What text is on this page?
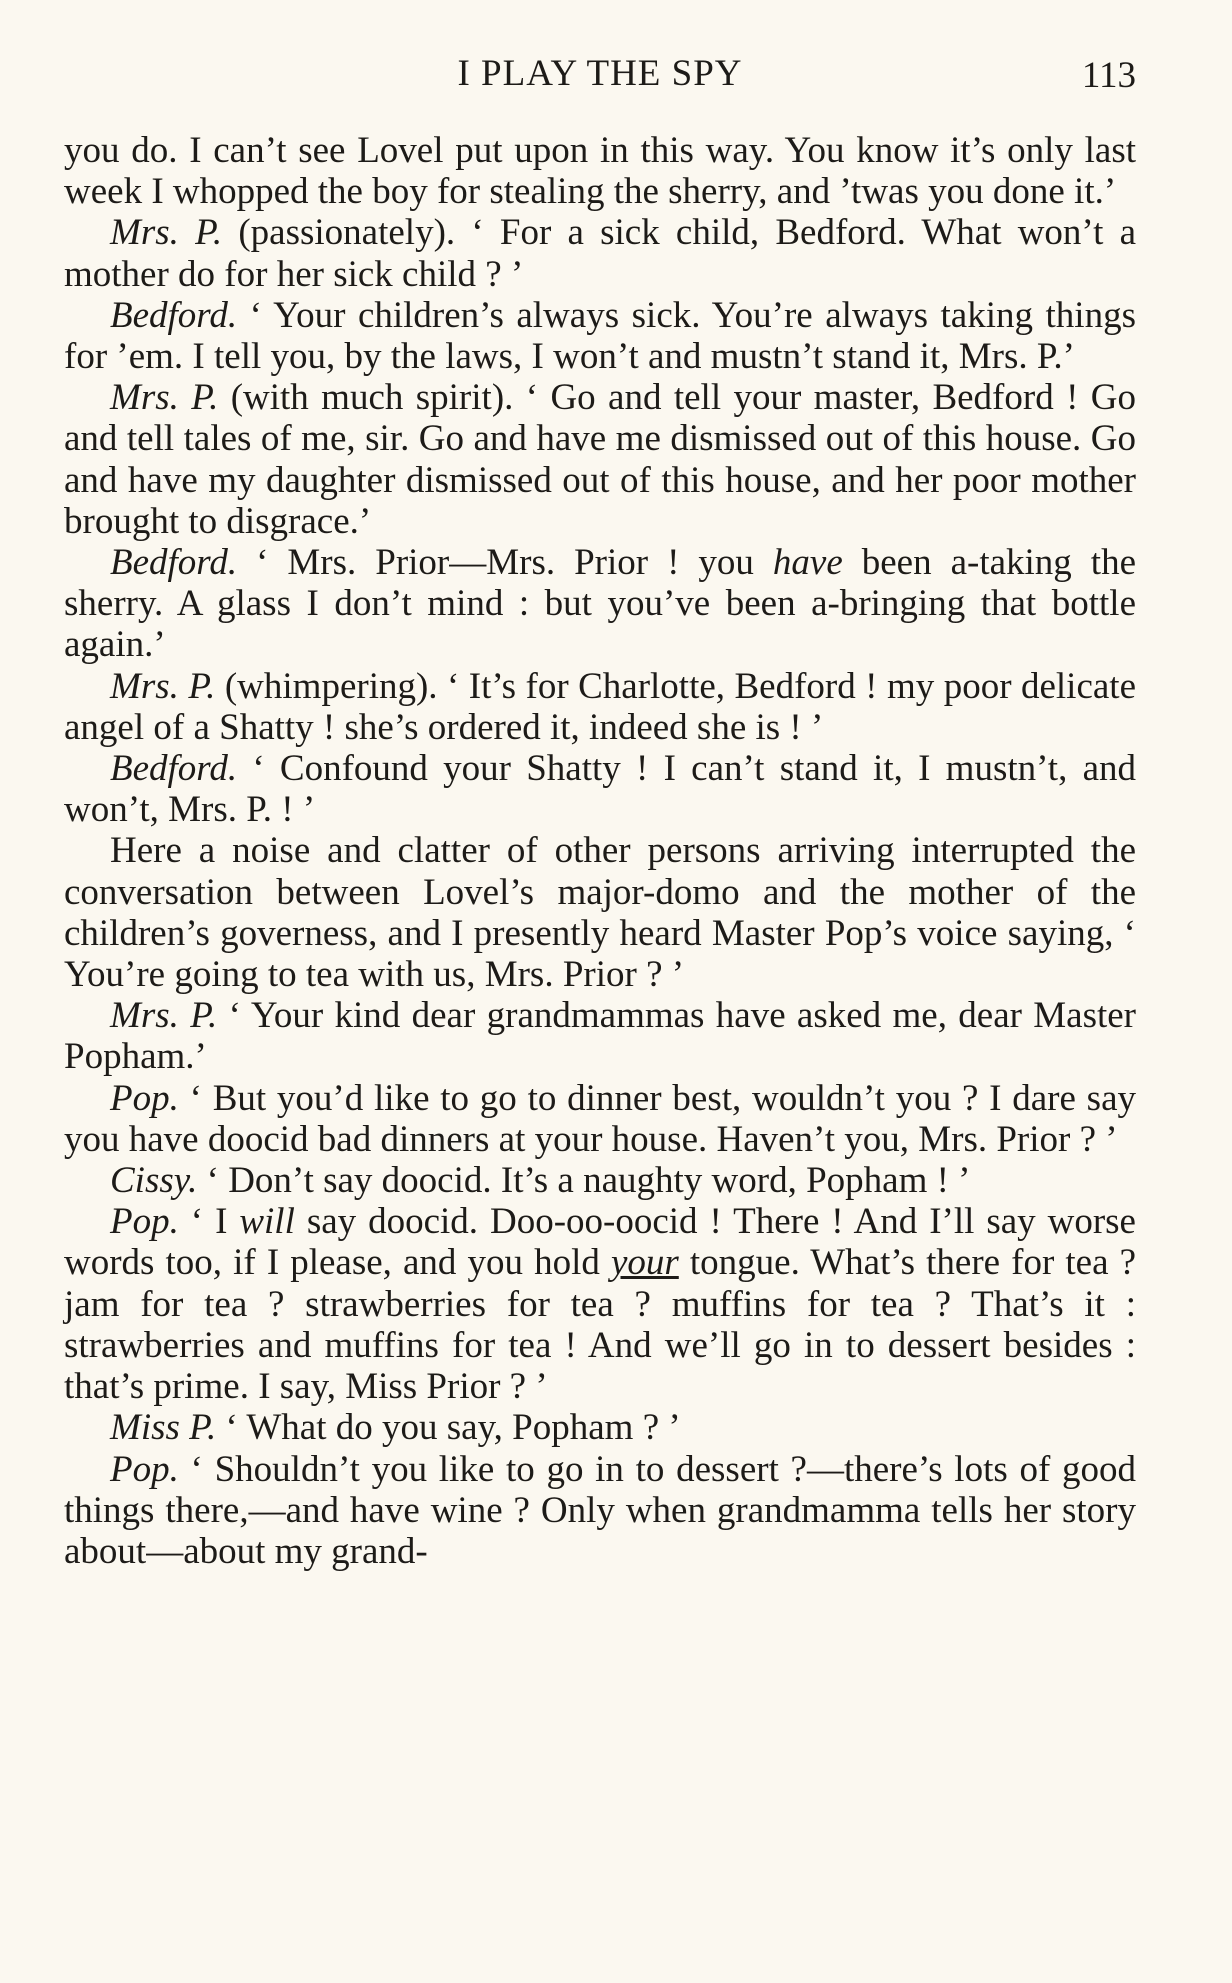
I PLAY THE SPY	113

you do. I can’t see Lovel put upon in this way. You know it’s only last week I whopped the boy for stealing the sherry, and ’twas you done it.’

Mrs. P. (passionately). ‘ For a sick child, Bedford. What won’t a mother do for her sick child ? ’

Bedford. ‘ Your children’s always sick. You’re always taking things for ’em. I tell you, by the laws, I won’t and mustn’t stand it, Mrs. P.’

Mrs. P. (with much spirit). ‘ Go and tell your master, Bedford ! Go and tell tales of me, sir. Go and have me dismissed out of this house. Go and have my daughter dismissed out of this house, and her poor mother brought to disgrace.’

Bedford. ‘ Mrs. Prior—Mrs. Prior ! you have been a-taking the sherry. A glass I don’t mind : but you’ve been a-bringing that bottle again.’

Mrs. P. (whimpering). ‘ It’s for Charlotte, Bedford ! my poor delicate angel of a Shatty ! she’s ordered it, indeed she is ! ’

Bedford. ‘ Confound your Shatty ! I can’t stand it, I mustn’t, and won’t, Mrs. P. ! ’

Here a noise and clatter of other persons arriving interrupted the conversation between Lovel’s major-domo and the mother of the children’s governess, and I presently heard Master Pop’s voice saying, ‘ You’re going to tea with us, Mrs. Prior ? ’

Mrs. P. ‘ Your kind dear grandmammas have asked me, dear Master Popham.’

Pop. ‘ But you’d like to go to dinner best, wouldn’t you ? I dare say you have doocid bad dinners at your house. Haven’t you, Mrs. Prior ? ’

Cissy. ‘ Don’t say doocid. It’s a naughty word, Popham ! ’

Pop. ‘ I will say doocid. Doo-oo-oocid ! There ! And I’ll say worse words too, if I please, and you hold your tongue. What’s there for tea ? jam for tea ? strawberries for tea ? muffins for tea ? That’s it : strawberries and muffins for tea ! And we’ll go in to dessert besides : that’s prime. I say, Miss Prior ? ’

Miss P. ‘ What do you say, Popham ? ’

Pop. ‘ Shouldn’t you like to go in to dessert ?—there’s lots of good things there,—and have wine ? Only when grandmamma tells her story about—about my grand-
